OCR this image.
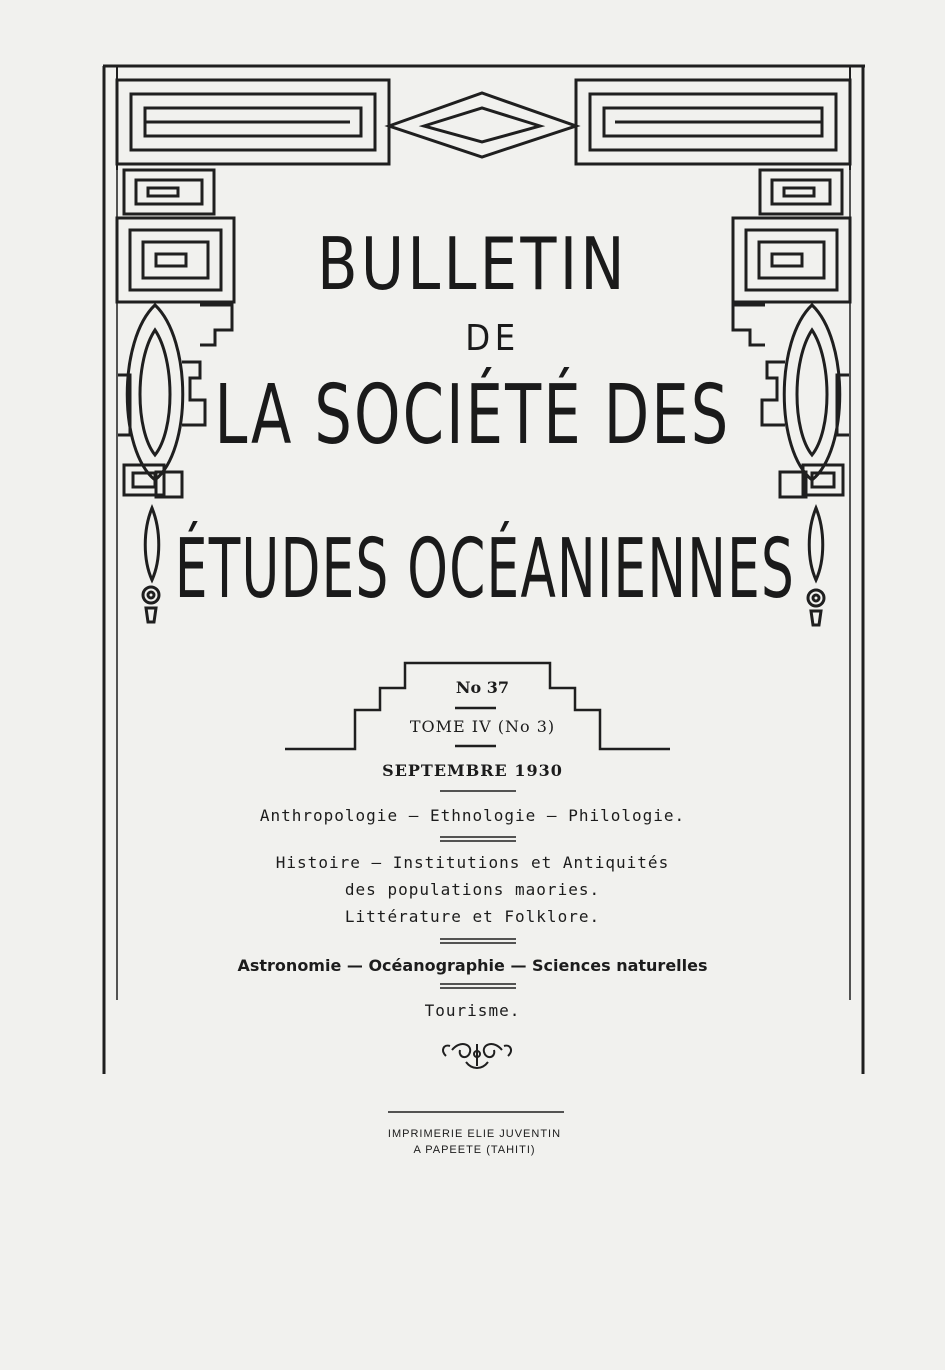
BULLETIN
DE
LA SOCIÉTÉ DES
ÉTUDES OCÉANIENNES
No 37
TOME IV (No 3)
SEPTEMBRE 1930
Anthropologie — Ethnologie — Philologie.
Histoire — Institutions et Antiquités
des populations maories.
Littérature et Folklore.
Astronomie — Océanographie — Sciences naturelles
Tourisme.
IMPRIMERIE ELIE JUVENTIN
A PAPEETE (TAHITI)
